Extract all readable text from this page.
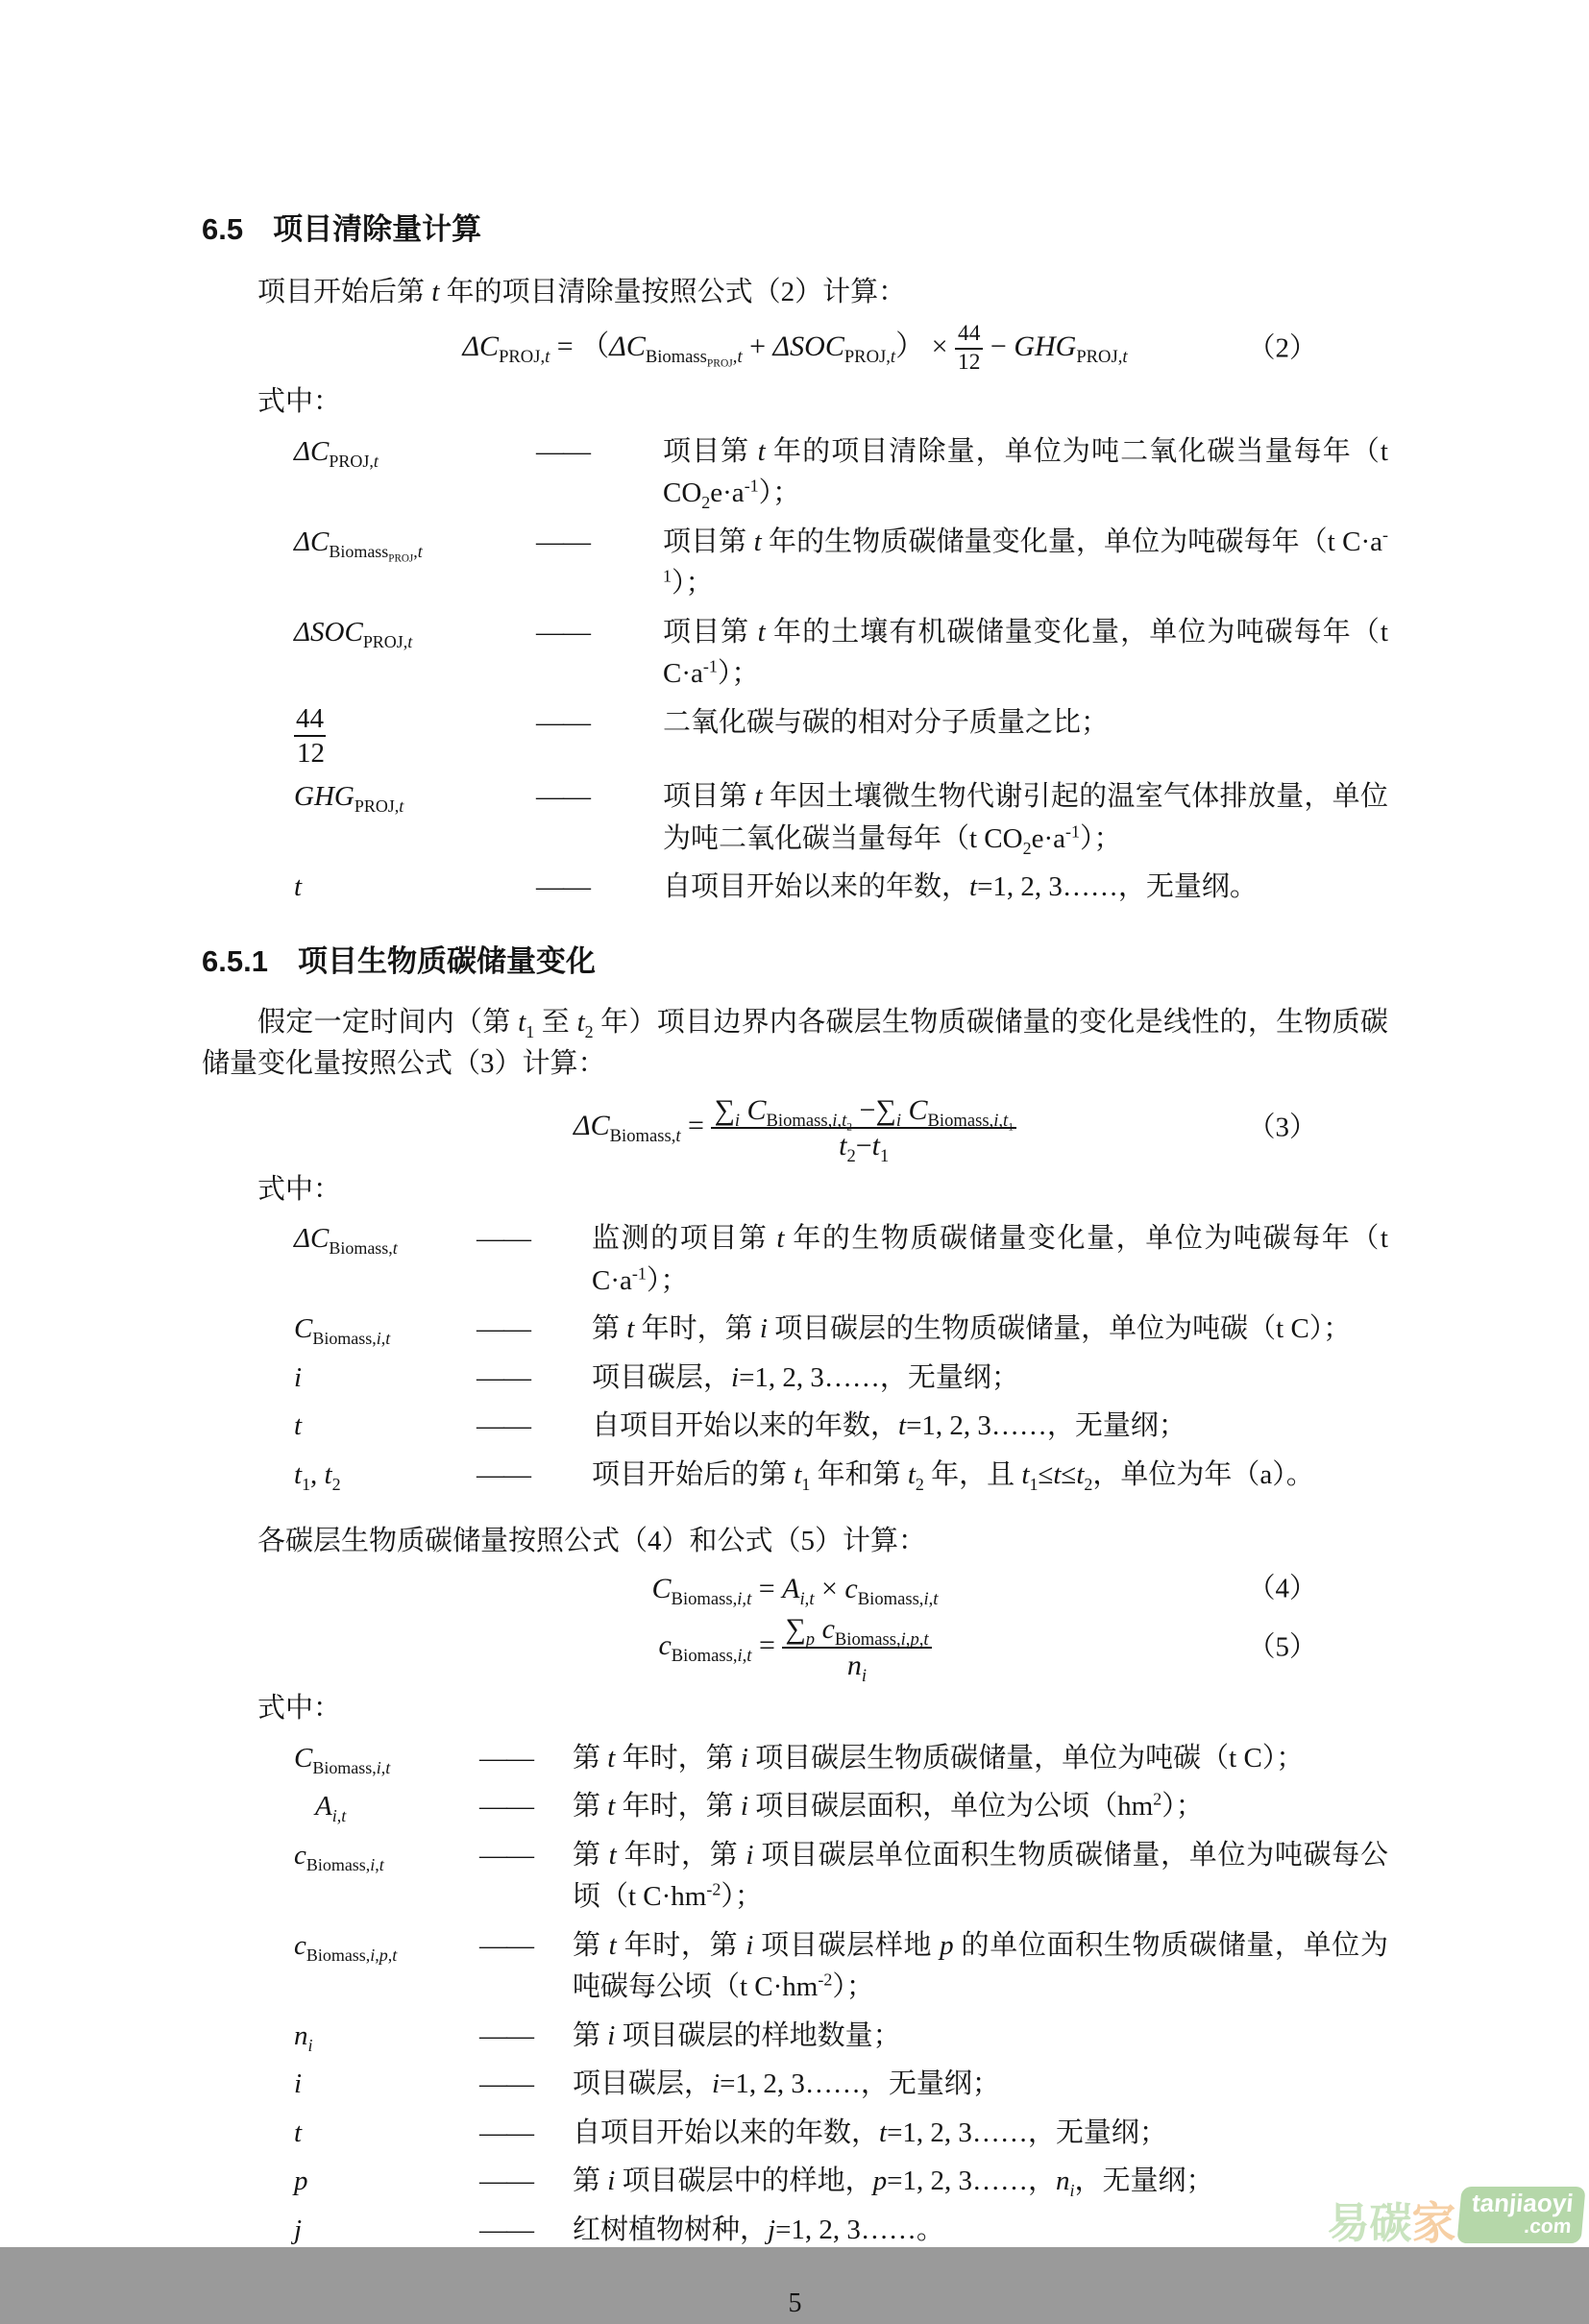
6.5　项目清除量计算

项目开始后第 t 年的项目清除量按照公式（2）计算：

$\Delta C_{PROJ,t} = (\Delta C_{Biomass_{PROJ},t} + \Delta SOC_{PROJ,t}) \times \frac{44}{12} - GHG_{PROJ,t}$	（2）

式中：

$\Delta C_{PROJ,t}$	——	项目第 t 年的项目清除量，单位为吨二氧化碳当量每年（t $CO_2e\cdot a^{-1}$）；
$\Delta C_{Biomass_{PROJ},t}$	——	项目第 t 年的生物质碳储量变化量，单位为吨碳每年（t $C\cdot a^{-1}$）；
$\Delta SOC_{PROJ,t}$	——	项目第 t 年的土壤有机碳储量变化量，单位为吨碳每年（t $C\cdot a^{-1}$）；
$\frac{44}{12}$	——	二氧化碳与碳的相对分子质量之比；
$GHG_{PROJ,t}$	——	项目第 t 年因土壤微生物代谢引起的温室气体排放量，单位为吨二氧化碳当量每年（t $CO_2e\cdot a^{-1}$）；
t	——	自项目开始以来的年数，t=1, 2, 3……，无量纲。
6.5.1　项目生物质碳储量变化

假定一定时间内（第 $t_1$ 至 $t_2$ 年）项目边界内各碳层生物质碳储量的变化是线性的，生物质碳储量变化量按照公式（3）计算：

$\Delta C_{Biomass,t} = \sum_i$ $C_{Biomass,i,t_2} -\sum_i$ $C_{Biomass,i,t_1}$
$t_2-t_1$
（3）

式中：

$\Delta C_{Biomass,t}$	——	监测的项目第 t 年的生物质碳储量变化量，单位为吨碳每年（t $C\cdot a^{-1}$）；
$C_{Biomass,i,t}$	——	第 t 年时，第 i 项目碳层的生物质碳储量，单位为吨碳（t C）；
i	——	项目碳层，i=1, 2, 3……，无量纲；
t	——	自项目开始以来的年数，t=1, 2, 3……，无量纲；
$t_1$, $t_2$	——	项目开始后的第 $t_1$ 年和第 $t_2$ 年，且 $t_1\le t\le t_2$，单位为年（a）。

各碳层生物质碳储量按照公式（4）和公式（5）计算：

$C_{Biomass,i,t} = A_{i,t} \times c_{Biomass,i,t}$	（4）
$c_{Biomass,i,t} = \sum_p$ $c_{Biomass,i,p,t}$
$n_i$
（5）

式中：

$C_{Biomass,i,t}$	——	第 t 年时，第 i 项目碳层生物质碳储量，单位为吨碳（t C）；
$A_{i,t}$	——	第 t 年时，第 i 项目碳层面积，单位为公顷$(hm^2)$；
$c_{Biomass,i,t}$	——	第 t 年时，第 i 项目碳层单位面积生物质碳储量，单位为吨碳每公顷（t $C\cdot hm^{-2}$）；
$c_{Biomass,i,p,t}$	——	第 t 年时，第 i 项目碳层样地 p 的单位面积生物质碳储量，单位为吨碳每公顷（t $C\cdot hm^{-2}$）；
$n_i$	——	第 i 项目碳层的样地数量；
i	——	项目碳层，i=1, 2, 3……，无量纲；
t	——	自项目开始以来的年数，t=1, 2, 3……，无量纲；
p	——	第 i 项目碳层中的样地，p=1, 2, 3……，$n_i$，无量纲；
j	——	红树植物树种，j=1, 2, 3……。
5
易碳 家 tanjiaoyi
.com
